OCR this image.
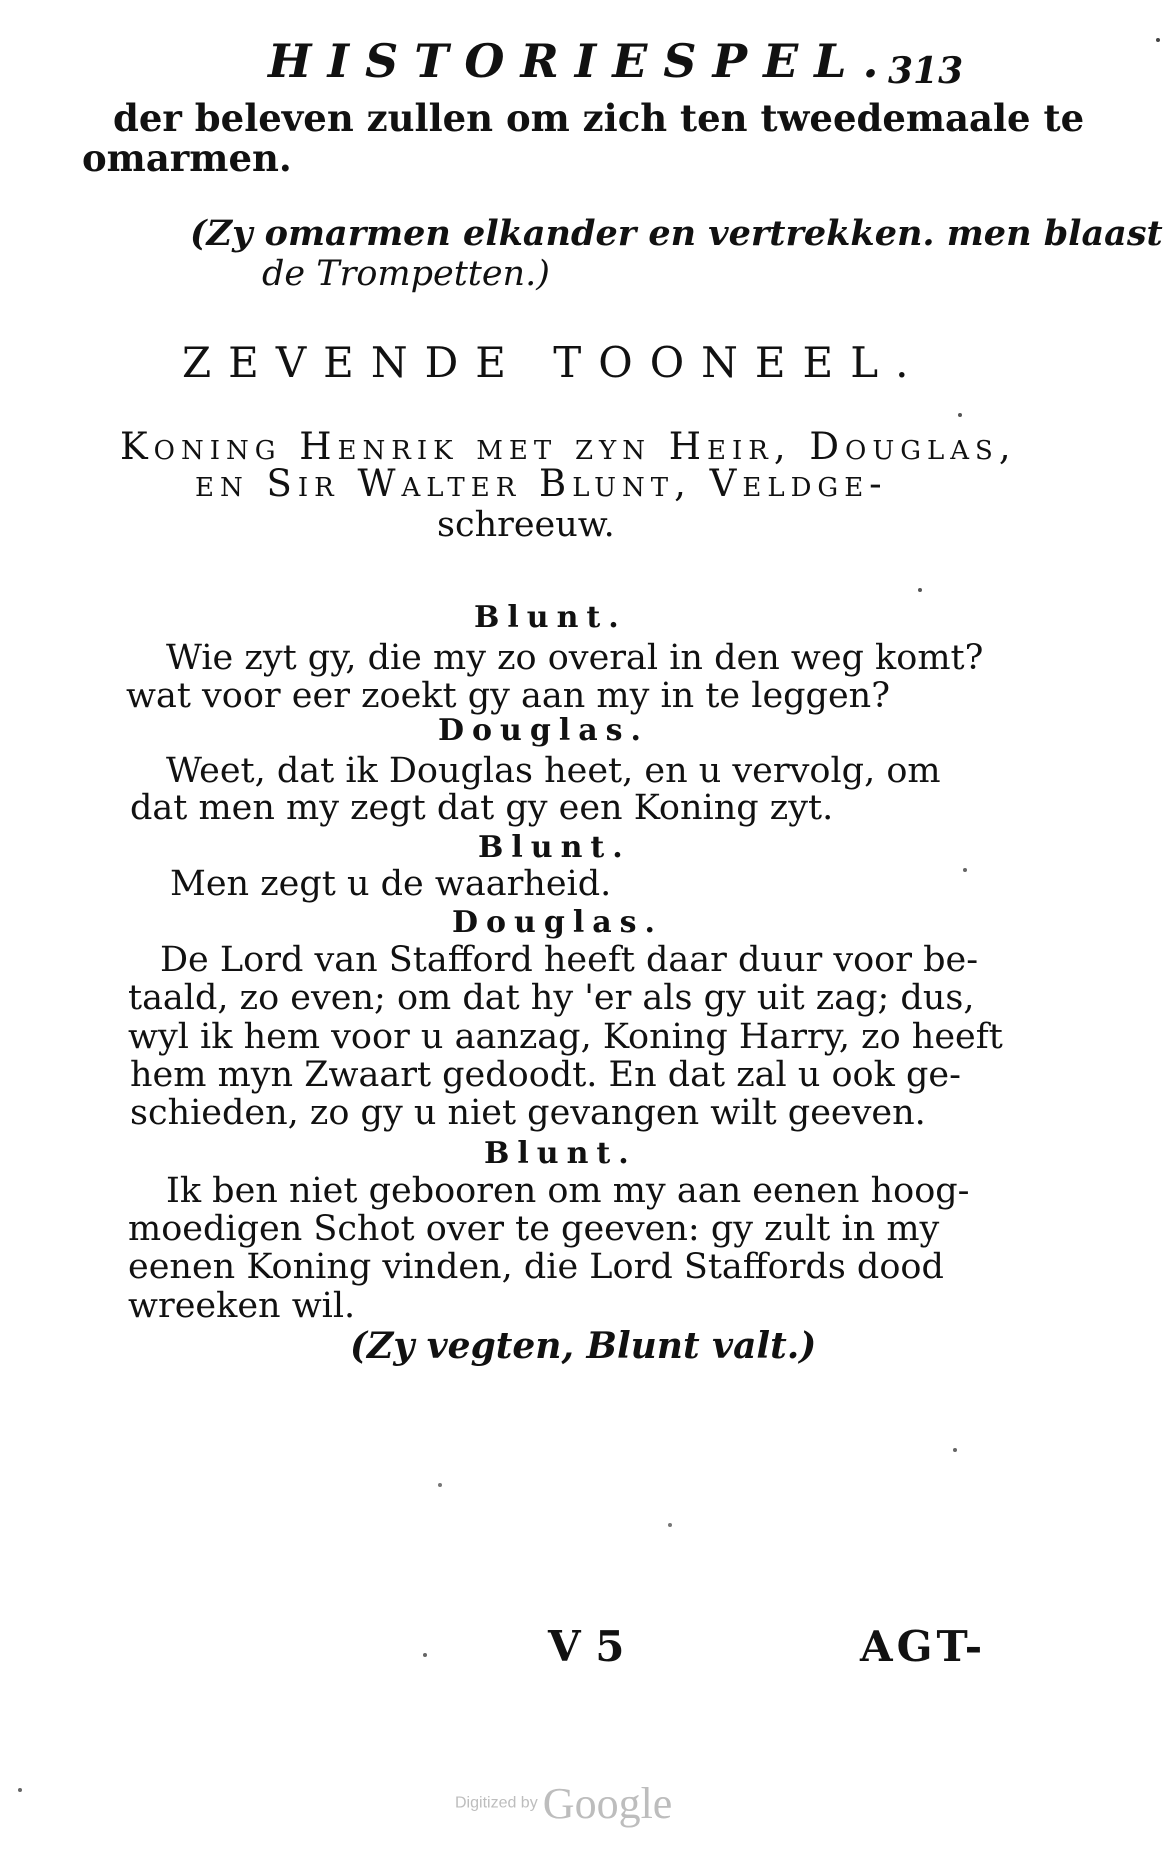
HISTORIESPEL.
313
der beleven zullen om zich ten tweedemaale te
omarmen.
(Zy omarmen elkander en vertrekken. men blaast
de Trompetten.)
ZEVENDE TOONEEL.
Koning Henrik met zyn Heir, Douglas,
en Sir Walter Blunt, Veldge-
schreeuw.
Blunt.
Wie zyt gy, die my zo overal in den weg komt?
wat voor eer zoekt gy aan my in te leggen?
Douglas.
Weet, dat ik Douglas heet, en u vervolg, om
dat men my zegt dat gy een Koning zyt.
Blunt.
Men zegt u de waarheid.
Douglas.
De Lord van Stafford heeft daar duur voor be-
taald, zo even; om dat hy 'er als gy uit zag; dus,
wyl ik hem voor u aanzag, Koning Harry, zo heeft
hem myn Zwaart gedoodt. En dat zal u ook ge-
schieden, zo gy u niet gevangen wilt geeven.
Blunt.
Ik ben niet gebooren om my aan eenen hoog-
moedigen Schot over te geeven: gy zult in my
eenen Koning vinden, die Lord Staffords dood
wreeken wil.
(Zy vegten, Blunt valt.)
V 5	AGT-
Digitized by Google
